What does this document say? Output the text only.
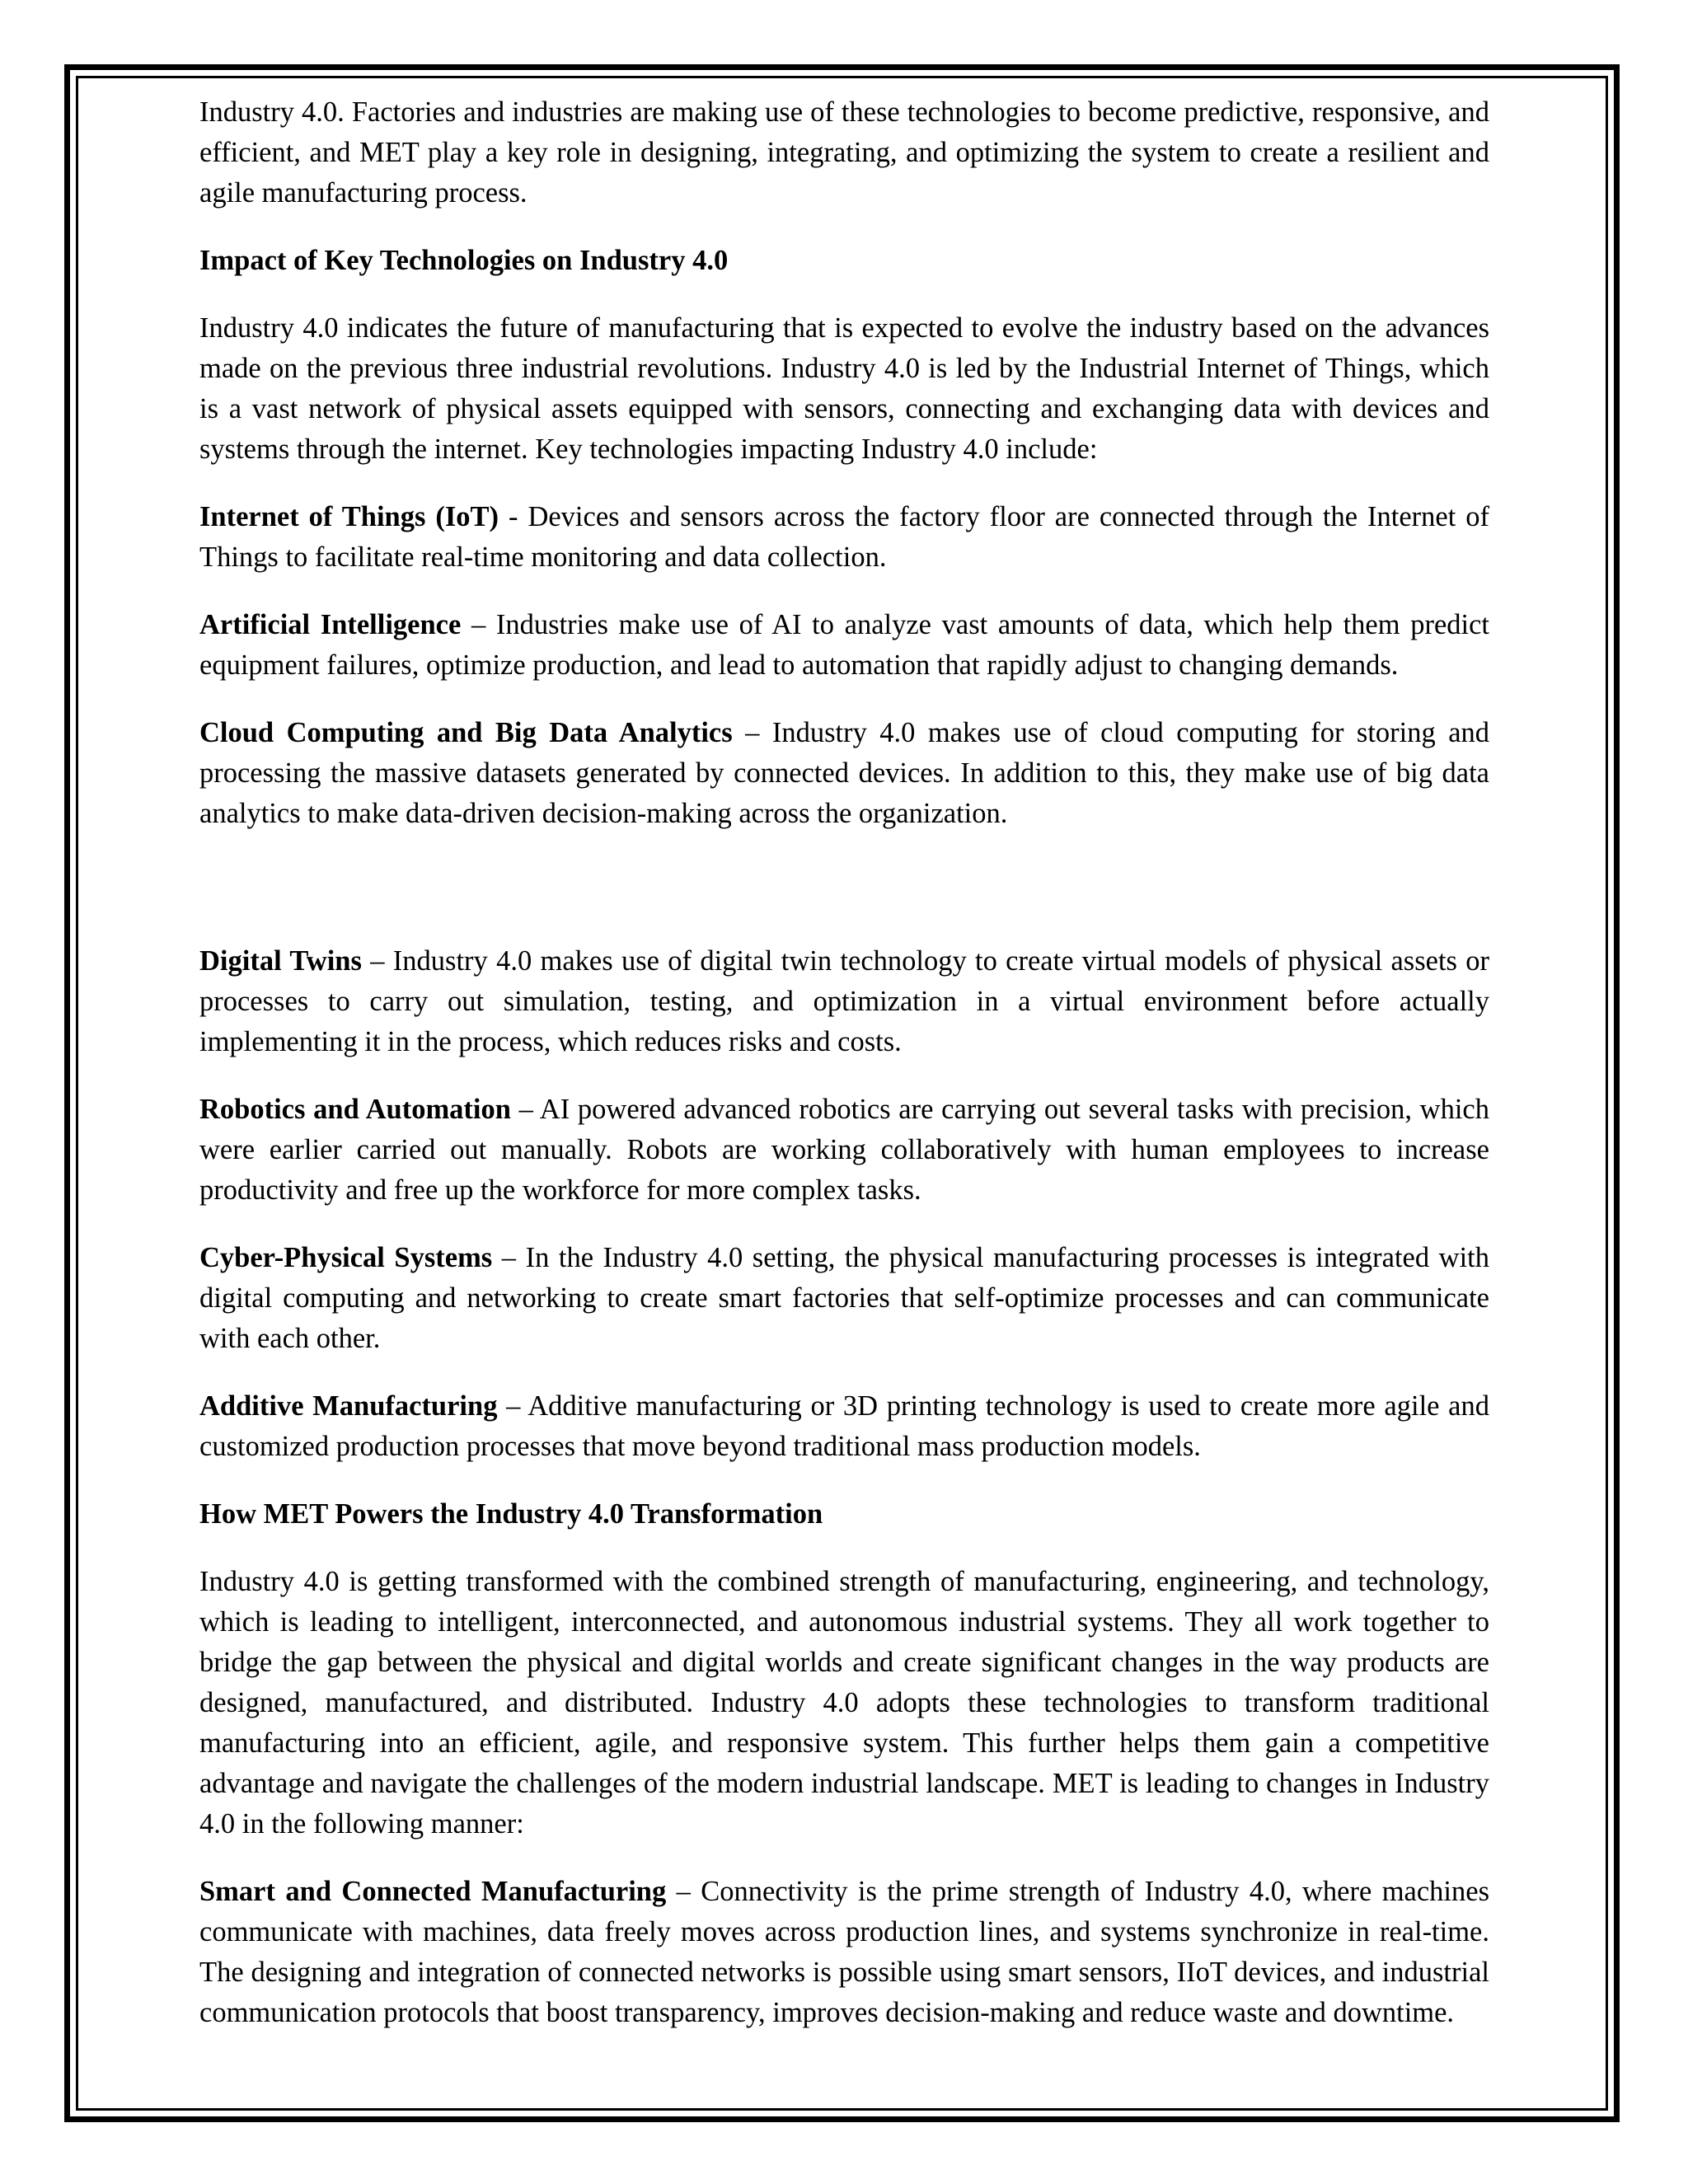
Industry 4.0. Factories and industries are making use of these technologies to become predictive, responsive, and efficient, and MET play a key role in designing, integrating, and optimizing the system to create a resilient and agile manufacturing process.

Impact of Key Technologies on Industry 4.0

Industry 4.0 indicates the future of manufacturing that is expected to evolve the industry based on the advances made on the previous three industrial revolutions. Industry 4.0 is led by the Industrial Internet of Things, which is a vast network of physical assets equipped with sensors, connecting and exchanging data with devices and systems through the internet. Key technologies impacting Industry 4.0 include:

Internet of Things (IoT) - Devices and sensors across the factory floor are connected through the Internet of Things to facilitate real-time monitoring and data collection.

Artificial Intelligence – Industries make use of AI to analyze vast amounts of data, which help them predict equipment failures, optimize production, and lead to automation that rapidly adjust to changing demands.

Cloud Computing and Big Data Analytics – Industry 4.0 makes use of cloud computing for storing and processing the massive datasets generated by connected devices. In addition to this, they make use of big data analytics to make data-driven decision-making across the organization.

Digital Twins – Industry 4.0 makes use of digital twin technology to create virtual models of physical assets or processes to carry out simulation, testing, and optimization in a virtual environment before actually implementing it in the process, which reduces risks and costs.

Robotics and Automation – AI powered advanced robotics are carrying out several tasks with precision, which were earlier carried out manually. Robots are working collaboratively with human employees to increase productivity and free up the workforce for more complex tasks.

Cyber-Physical Systems – In the Industry 4.0 setting, the physical manufacturing processes is integrated with digital computing and networking to create smart factories that self-optimize processes and can communicate with each other.

Additive Manufacturing – Additive manufacturing or 3D printing technology is used to create more agile and customized production processes that move beyond traditional mass production models.

How MET Powers the Industry 4.0 Transformation

Industry 4.0 is getting transformed with the combined strength of manufacturing, engineering, and technology, which is leading to intelligent, interconnected, and autonomous industrial systems. They all work together to bridge the gap between the physical and digital worlds and create significant changes in the way products are designed, manufactured, and distributed. Industry 4.0 adopts these technologies to transform traditional manufacturing into an efficient, agile, and responsive system. This further helps them gain a competitive advantage and navigate the challenges of the modern industrial landscape. MET is leading to changes in Industry 4.0 in the following manner:

Smart and Connected Manufacturing – Connectivity is the prime strength of Industry 4.0, where machines communicate with machines, data freely moves across production lines, and systems synchronize in real-time. The designing and integration of connected networks is possible using smart sensors, IIoT devices, and industrial communication protocols that boost transparency, improves decision-making and reduce waste and downtime.
